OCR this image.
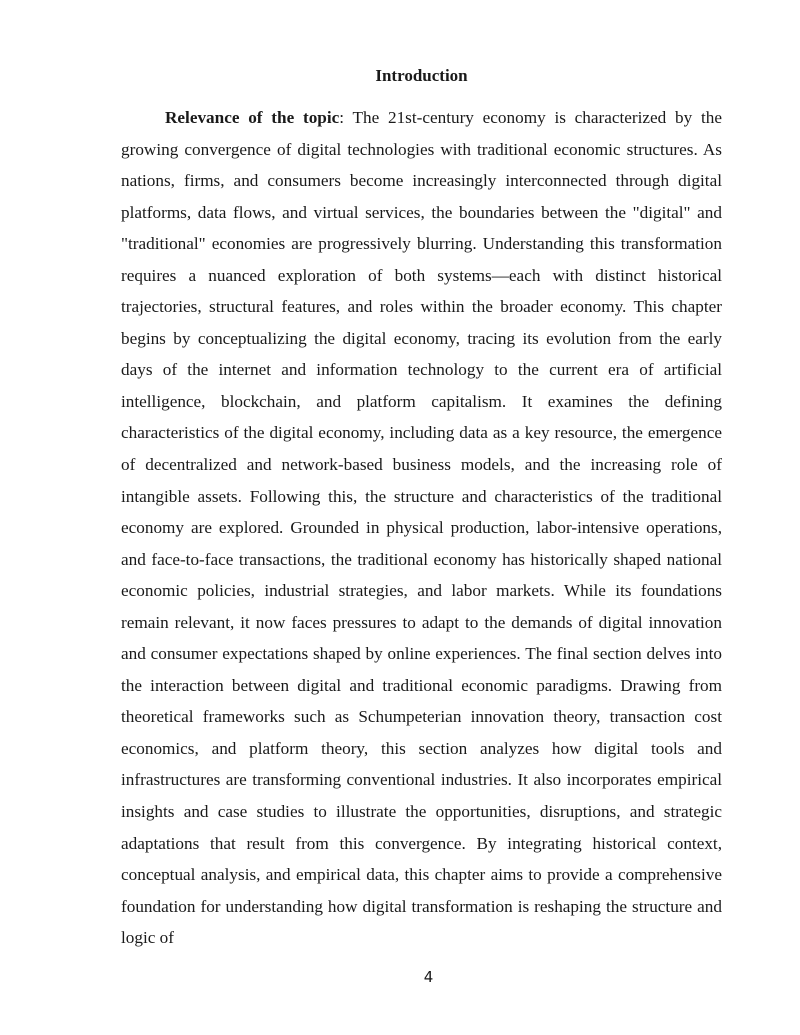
Introduction

Relevance of the topic: The 21st-century economy is characterized by the growing convergence of digital technologies with traditional economic structures. As nations, firms, and consumers become increasingly interconnected through digital platforms, data flows, and virtual services, the boundaries between the "digital" and "traditional" economies are progressively blurring. Understanding this transformation requires a nuanced exploration of both systems—each with distinct historical trajectories, structural features, and roles within the broader economy. This chapter begins by conceptualizing the digital economy, tracing its evolution from the early days of the internet and information technology to the current era of artificial intelligence, blockchain, and platform capitalism. It examines the defining characteristics of the digital economy, including data as a key resource, the emergence of decentralized and network-based business models, and the increasing role of intangible assets. Following this, the structure and characteristics of the traditional economy are explored. Grounded in physical production, labor-intensive operations, and face-to-face transactions, the traditional economy has historically shaped national economic policies, industrial strategies, and labor markets. While its foundations remain relevant, it now faces pressures to adapt to the demands of digital innovation and consumer expectations shaped by online experiences. The final section delves into the interaction between digital and traditional economic paradigms. Drawing from theoretical frameworks such as Schumpeterian innovation theory, transaction cost economics, and platform theory, this section analyzes how digital tools and infrastructures are transforming conventional industries. It also incorporates empirical insights and case studies to illustrate the opportunities, disruptions, and strategic adaptations that result from this convergence. By integrating historical context, conceptual analysis, and empirical data, this chapter aims to provide a comprehensive foundation for understanding how digital transformation is reshaping the structure and logic of

4
